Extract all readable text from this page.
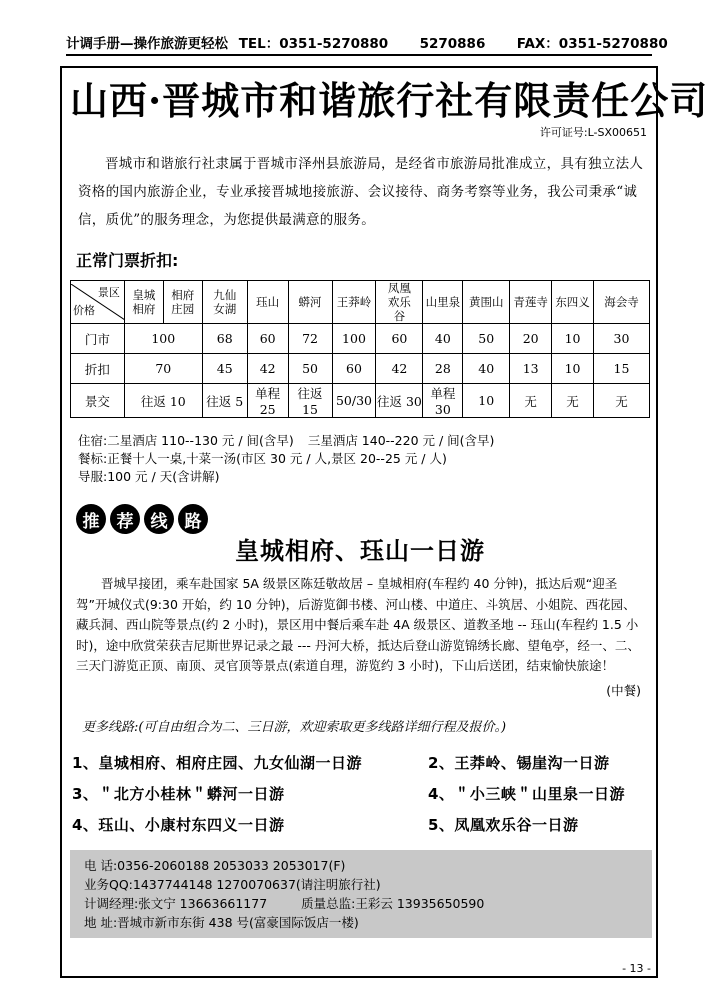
计调手册—操作旅游更轻松 TEL：0351-5270880 5270886 FAX：0351-5270880
山西·晋城市和谐旅行社有限责任公司
许可证号:L-SX00651

晋城市和谐旅行社隶属于晋城市泽州县旅游局，是经省市旅游局批准成立，具有独立法人资格的国内旅游企业，专业承接晋城地接旅游、会议接待、商务考察等业务，我公司秉承“诚信，质优”的服务理念，为您提供最满意的服务。

正常门票折扣:
景区
价格	皇城相府	相府庄园	九仙女湖	珏山	蟒河	王莽岭	凤凰欢乐谷	山里泉	黄围山	青莲寺	东四义	海会寺
门市	100		68	60	72	100	60	40	50	20	10	30
折扣	70		45	42	50	60	42	28	40	13	10	15
景交	往返 10		往返 5	单程 25	往返 15	50/30	往返 30	单程 30	10	无	无	无
住宿:二星酒店 110--130 元 / 间(含早) 三星酒店 140--220 元 / 间(含早)
餐标:正餐十人一桌,十菜一汤(市区 30 元 / 人,景区 20--25 元 / 人)
导服:100 元 / 天(含讲解)
推	荐	线	路
皇城相府、珏山一日游

晋城早接团，乘车赴国家 5A 级景区陈廷敬故居 – 皇城相府(车程约 40 分钟)，抵达后观“迎圣驾”开城仪式(9:30 开始，约 10 分钟)，后游览御书楼、河山楼、中道庄、斗筑居、小姐院、西花园、藏兵洞、西山院等景点(约 2 小时)，景区用中餐后乘车赴 4A 级景区、道教圣地 -- 珏山(车程约 1.5 小时)，途中欣赏荣获吉尼斯世界记录之最 --- 丹河大桥，抵达后登山游览锦绣长廊、望龟亭，经一、二、三天门游览正顶、南顶、灵官顶等景点(索道自理，游览约 3 小时)，下山后送团，结束愉快旅途！

(中餐)
更多线路:(可自由组合为二、三日游，欢迎索取更多线路详细行程及报价。)
1、皇城相府、相府庄园、九女仙湖一日游	2、王莽岭、锡崖沟一日游
3、＂北方小桂林＂蟒河一日游	4、＂小三峡＂山里泉一日游
4、珏山、小康村东四义一日游	5、凤凰欢乐谷一日游
电 话:0356-2060188 2053033 2053017(F)
业务QQ:1437744148 1270070637(请注明旅行社)
计调经理:张文宁 13663661177	质量总监:王彩云 13935650590
地 址:晋城市新市东街 438 号(富豪国际饭店一楼)
- 13 -
